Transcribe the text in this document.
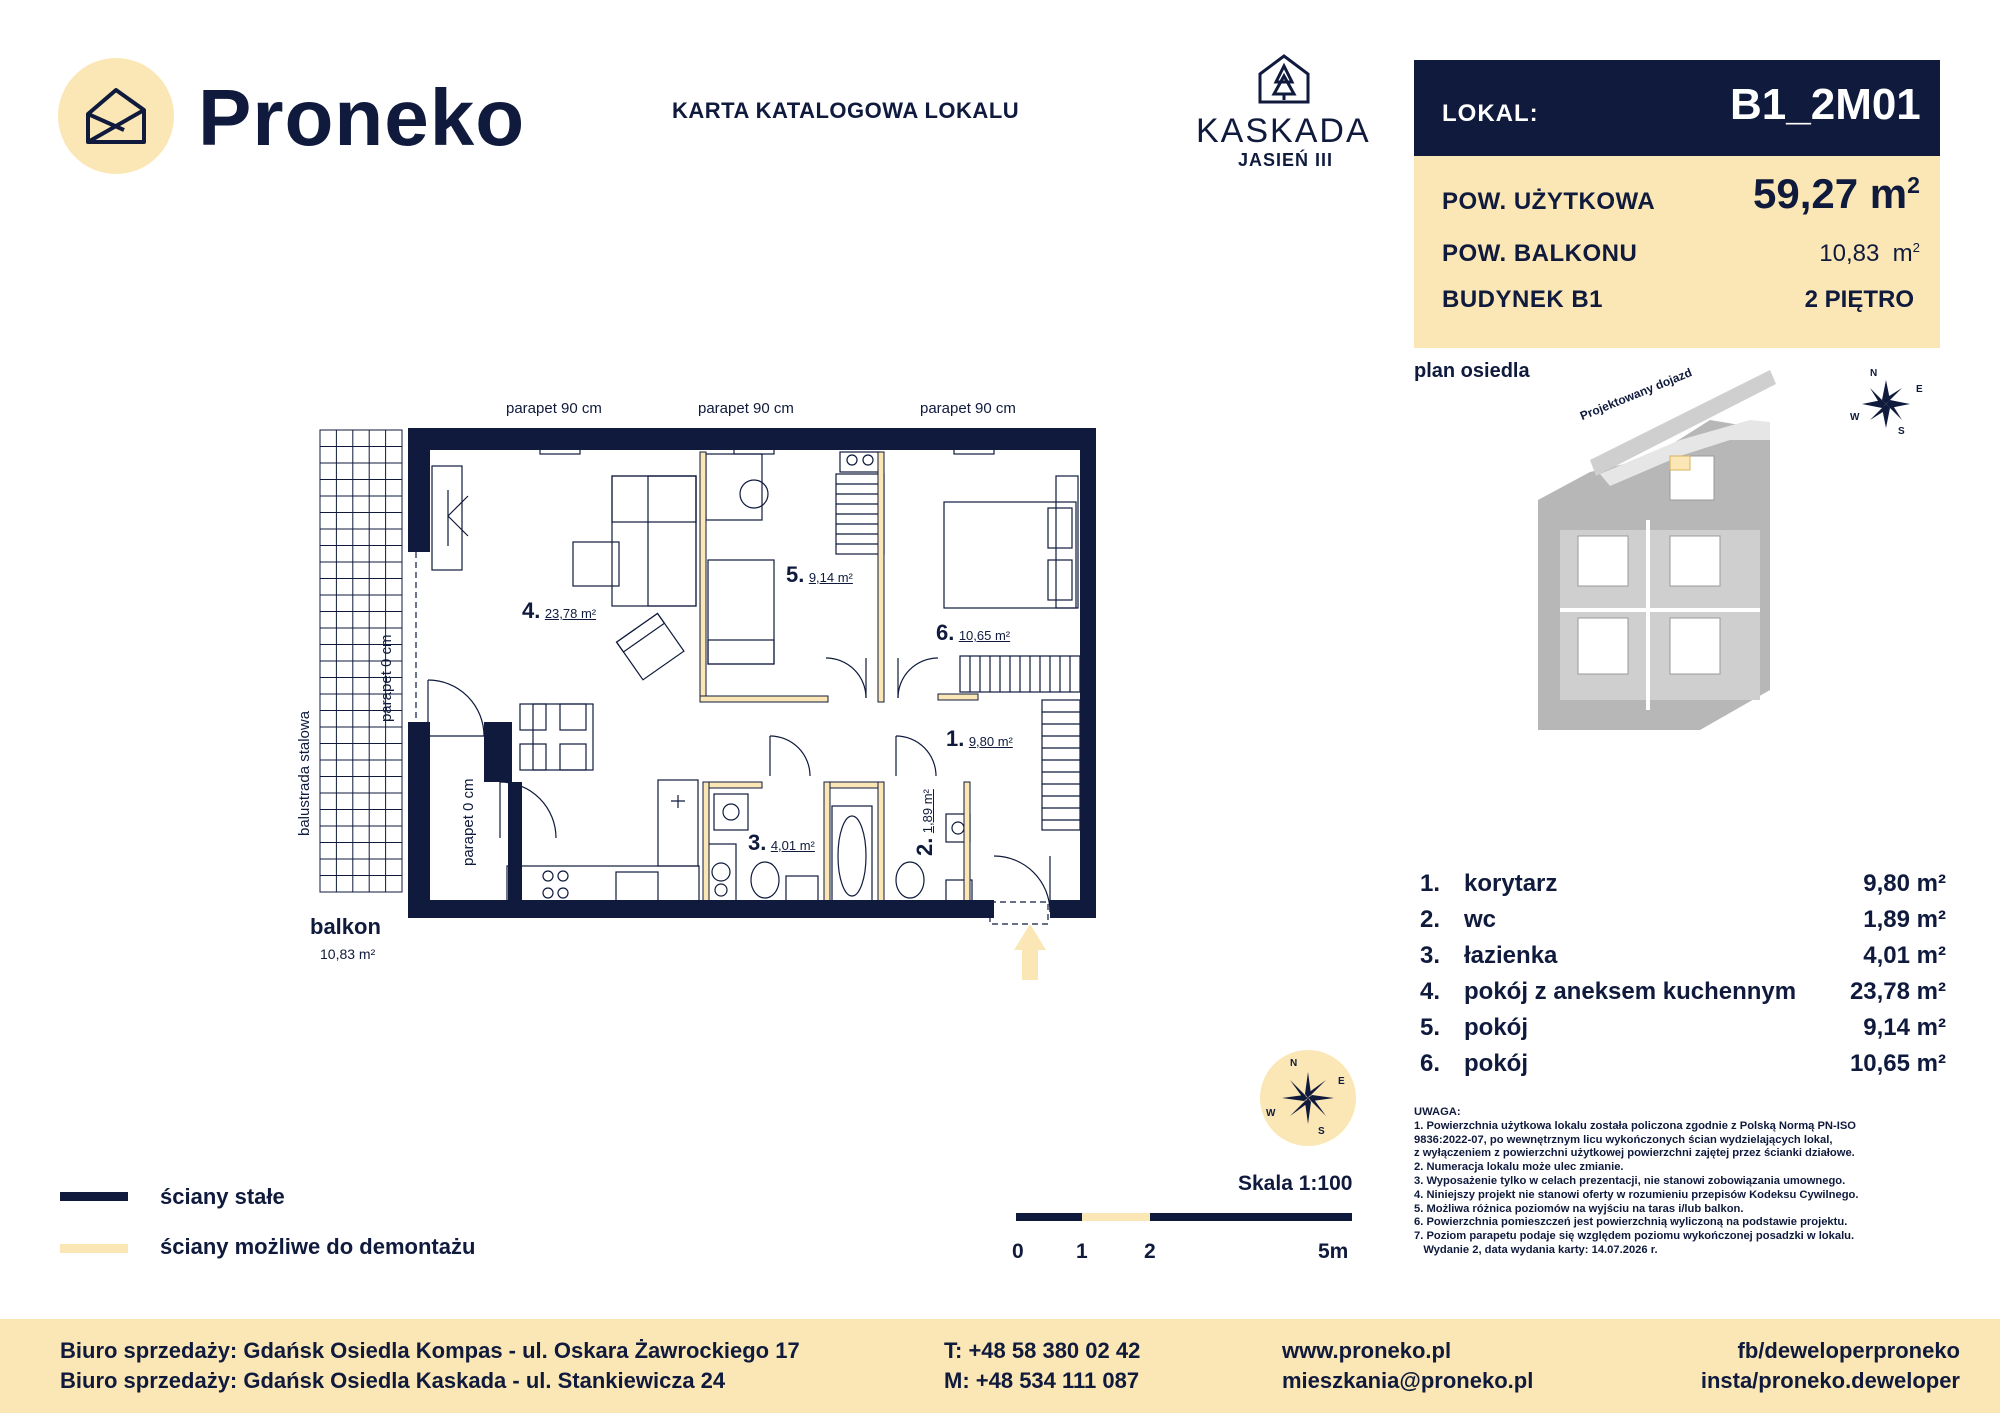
Proneko	KARTA KATALOGOWA LOKALU
KASKADA
JASIEŃ III
LOKAL:	B1_2M01
POW. UŻYTKOWA	59,27 $m^2$
POW. BALKONU	10,83  $m^2$
BUDYNEK B1	2 PIĘTRO
plan osiedla	Projektowany dojazd	N
E
S
W
parapet 90 cm	parapet 90 cm	parapet 90 cm
parapet 0 cm
parapet 0 cm
balustrada stalowa
balkon
10,83 m²
4. 23,78 m²
5. 9,14 m²
6. 10,65 m²
1. 9,80 m²
3. 4,01 m²	2. 1,89 m²
N
E
S
W
1. korytarz	9,80 m²
2. wc	1,89 m²
3. łazienka	4,01 m²
4. pokój z aneksem kuchennym	23,78 m²
5. pokój	9,14 m²
6. pokój	10,65 m²
UWAGA:
1. Powierzchnia użytkowa lokalu została policzona zgodnie z Polską Normą PN-ISO
9836:2022-07, po wewnętrznym licu wykończonych ścian wydzielających lokal,
z wyłączeniem z powierzchni użytkowej powierzchni zajętej przez ścianki działowe.
2. Numeracja lokalu może ulec zmianie.
3. Wyposażenie tylko w celach prezentacji, nie stanowi zobowiązania umownego.
4. Niniejszy projekt nie stanowi oferty w rozumieniu przepisów Kodeksu Cywilnego.
5. Możliwa różnica poziomów na wyjściu na taras i/lub balkon.
6. Powierzchnia pomieszczeń jest powierzchnią wyliczoną na podstawie projektu.
7. Poziom parapetu podaje się względem poziomu wykończonej posadzki w lokalu.
Wydanie 2, data wydania karty: 14.07.2026 r.
ściany stałe
ściany możliwe do demontażu
Skala 1:100
0 1	2	5m
Biuro sprzedaży: Gdańsk Osiedla Kompas - ul. Oskara Żawrockiego 17
Biuro sprzedaży: Gdańsk Osiedla Kaskada - ul. Stankiewicza 24
T: +48 58 380 02 42
M: +48 534 111 087
www.proneko.pl
mieszkania@proneko.pl
fb/deweloperproneko
insta/proneko.deweloper
